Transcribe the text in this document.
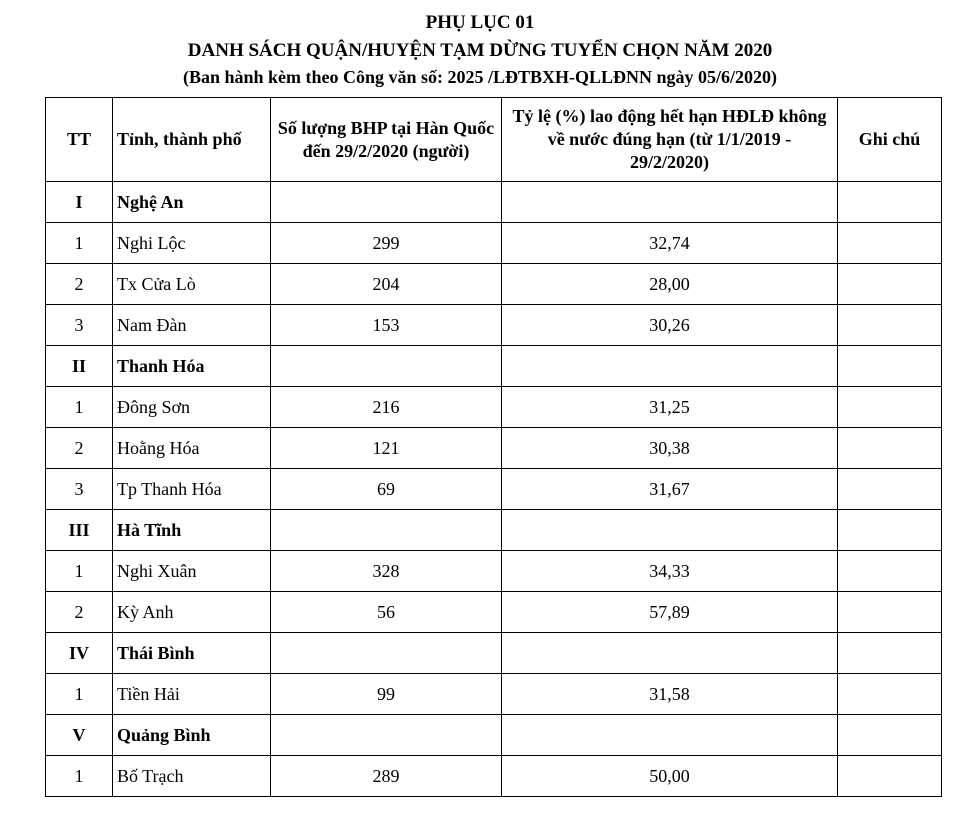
PHỤ LỤC 01
DANH SÁCH QUẬN/HUYỆN TẠM DỪNG TUYỂN CHỌN NĂM 2020
(Ban hành kèm theo Công văn số: 2025 /LĐTBXH-QLLĐNN ngày 05/6/2020)
TT	Tỉnh, thành phố	Số lượng BHP tại Hàn Quốc đến 29/2/2020 (người)	Tỷ lệ (%) lao động hết hạn HĐLĐ không về nước đúng hạn (từ 1/1/2019 - 29/2/2020)	Ghi chú
I	Nghệ An			
1	Nghi Lộc	299	32,74	
2	Tx Cửa Lò	204	28,00	
3	Nam Đàn	153	30,26	
II	Thanh Hóa			
1	Đông Sơn	216	31,25	
2	Hoằng Hóa	121	30,38	
3	Tp Thanh Hóa	69	31,67	
III	Hà Tĩnh			
1	Nghi Xuân	328	34,33	
2	Kỳ Anh	56	57,89	
IV	Thái Bình			
1	Tiền Hải	99	31,58	
V	Quảng Bình			
1	Bố Trạch	289	50,00	
